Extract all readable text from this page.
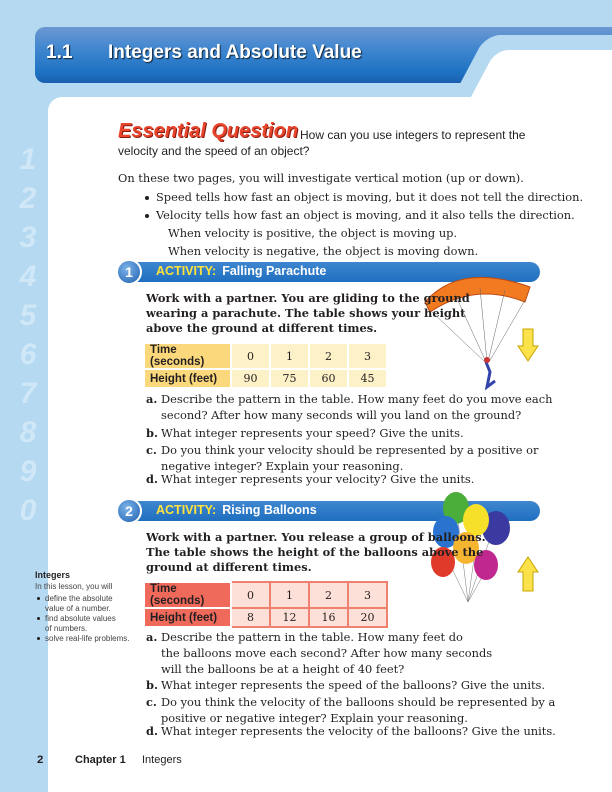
1.1 Integers and Absolute Value
1
2
3
4
5
6
7
8
9
0
Essential Question How can you use integers to represent the
velocity and the speed of an object?
On these two pages, you will investigate vertical motion (up or down).
Speed tells how fast an object is moving, but it does not tell the direction.
Velocity tells how fast an object is moving, and it also tells the direction.
When velocity is positive, the object is moving up.
When velocity is negative, the object is moving down.
1	ACTIVITY: Falling Parachute
Work with a partner. You are gliding to the ground
wearing a parachute. The table shows your height
above the ground at different times.
Time (seconds)	0	1	2	3
Height (feet)	90	75	60	45
a. Describe the pattern in the table. How many feet do you move each
second? After how many seconds will you land on the ground?
b. What integer represents your speed? Give the units.
c. Do you think your velocity should be represented by a positive or
negative integer? Explain your reasoning.
d. What integer represents your velocity? Give the units.
2	ACTIVITY: Rising Balloons
Work with a partner. You release a group of balloons.
The table shows the height of the balloons above the
ground at different times.
Time (seconds)	0	1	2	3
Height (feet)	8	12	16	20
a. Describe the pattern in the table. How many feet do
the balloons move each second? After how many seconds
will the balloons be at a height of 40 feet?
b. What integer represents the speed of the balloons? Give the units.
c. Do you think the velocity of the balloons should be represented by a
positive or negative integer? Explain your reasoning.
d. What integer represents the velocity of the balloons? Give the units.
Integers
In this lesson, you will
define the absolute
value of a number.
find absolute values
of numbers.
solve real-life problems.
2	Chapter 1 Integers
